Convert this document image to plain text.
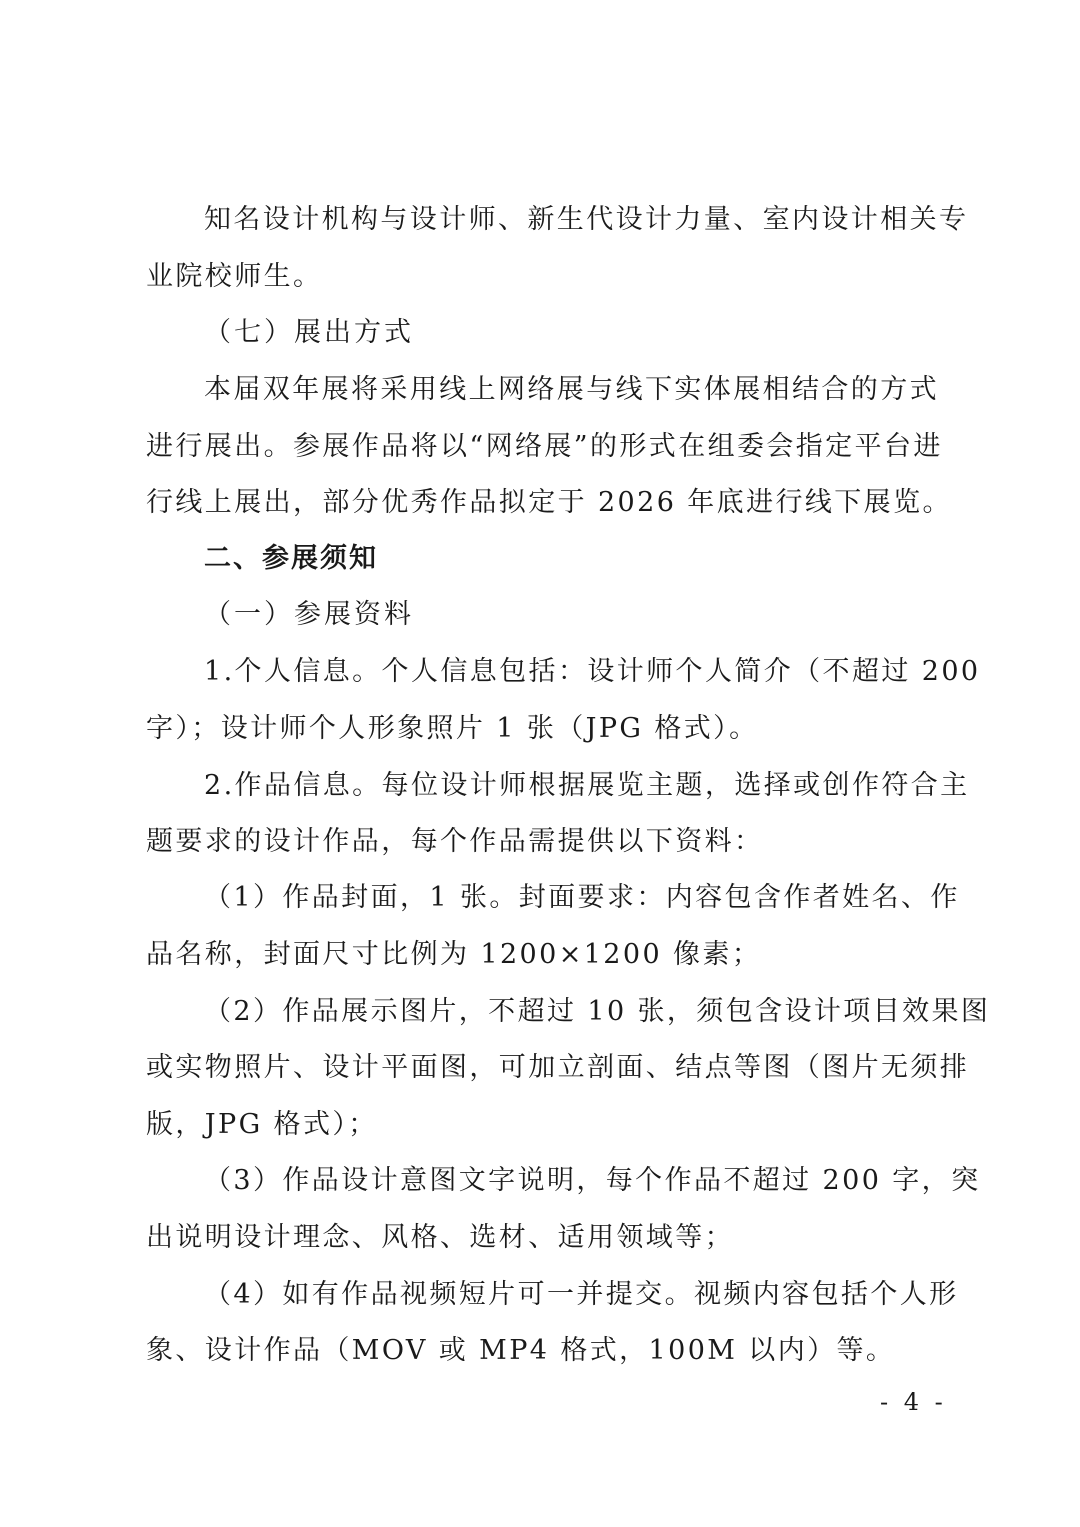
知名设计机构与设计师、新生代设计力量、室内设计相关专
业院校师生。
（七）展出方式
本届双年展将采用线上网络展与线下实体展相结合的方式
进行展出。参展作品将以“网络展”的形式在组委会指定平台进
行线上展出，部分优秀作品拟定于 2026 年底进行线下展览。
二、参展须知
（一）参展资料
1.个人信息。个人信息包括：设计师个人简介（不超过 200
字）；设计师个人形象照片 1 张（JPG 格式）。
2.作品信息。每位设计师根据展览主题，选择或创作符合主
题要求的设计作品，每个作品需提供以下资料：
（1）作品封面，1 张。封面要求：内容包含作者姓名、作
品名称，封面尺寸比例为 1200×1200 像素；
（2）作品展示图片，不超过 10 张，须包含设计项目效果图
或实物照片、设计平面图，可加立剖面、结点等图（图片无须排
版，JPG 格式）；
（3）作品设计意图文字说明，每个作品不超过 200 字，突
出说明设计理念、风格、选材、适用领域等；
（4）如有作品视频短片可一并提交。视频内容包括个人形
象、设计作品（MOV 或 MP4 格式，100M 以内）等。
- 4 -
